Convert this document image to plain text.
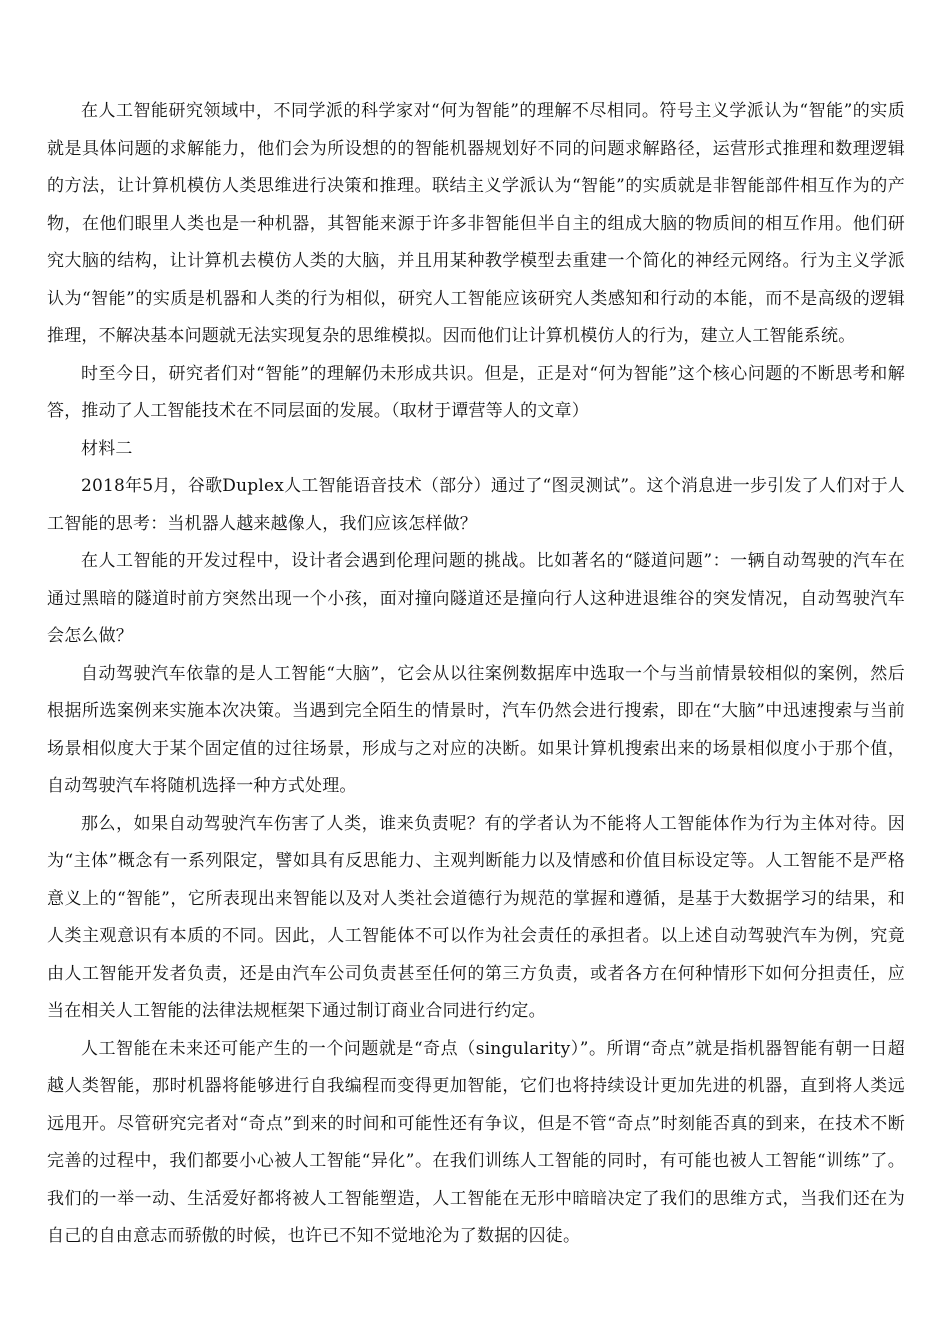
在人工智能研究领域中，不同学派的科学家对“何为智能”的理解不尽相同。符号主义学派认为“智能”的实质就是具体问题的求解能力，他们会为所设想的的智能机器规划好不同的问题求解路径，运营形式推理和数理逻辑的方法，让计算机模仿人类思维进行决策和推理。联结主义学派认为“智能”的实质就是非智能部件相互作为的产物，在他们眼里人类也是一种机器，其智能来源于许多非智能但半自主的组成大脑的物质间的相互作用。他们研究大脑的结构，让计算机去模仿人类的大脑，并且用某种教学模型去重建一个简化的神经元网络。行为主义学派认为“智能”的实质是机器和人类的行为相似，研究人工智能应该研究人类感知和行动的本能，而不是高级的逻辑推理，不解决基本问题就无法实现复杂的思维模拟。因而他们让计算机模仿人的行为，建立人工智能系统。

时至今日，研究者们对“智能”的理解仍未形成共识。但是，正是对“何为智能”这个核心问题的不断思考和解答，推动了人工智能技术在不同层面的发展。（取材于谭营等人的文章）

材料二

2018年5月，谷歌Duplex人工智能语音技术（部分）通过了“图灵测试”。这个消息进一步引发了人们对于人工智能的思考：当机器人越来越像人，我们应该怎样做？

在人工智能的开发过程中，设计者会遇到伦理问题的挑战。比如著名的“隧道问题”：一辆自动驾驶的汽车在通过黑暗的隧道时前方突然出现一个小孩，面对撞向隧道还是撞向行人这种进退维谷的突发情况，自动驾驶汽车会怎么做？

自动驾驶汽车依靠的是人工智能“大脑”，它会从以往案例数据库中选取一个与当前情景较相似的案例，然后根据所选案例来实施本次决策。当遇到完全陌生的情景时，汽车仍然会进行搜索，即在“大脑”中迅速搜索与当前场景相似度大于某个固定值的过往场景，形成与之对应的决断。如果计算机搜索出来的场景相似度小于那个值，自动驾驶汽车将随机选择一种方式处理。

那么，如果自动驾驶汽车伤害了人类，谁来负责呢？有的学者认为不能将人工智能体作为行为主体对待。因为“主体”概念有一系列限定，譬如具有反思能力、主观判断能力以及情感和价值目标设定等。人工智能不是严格意义上的“智能”，它所表现出来智能以及对人类社会道德行为规范的掌握和遵循，是基于大数据学习的结果，和人类主观意识有本质的不同。因此，人工智能体不可以作为社会责任的承担者。以上述自动驾驶汽车为例，究竟由人工智能开发者负责，还是由汽车公司负责甚至任何的第三方负责，或者各方在何种情形下如何分担责任，应当在相关人工智能的法律法规框架下通过制订商业合同进行约定。

人工智能在未来还可能产生的一个问题就是“奇点（singularity）”。所谓“奇点”就是指机器智能有朝一日超越人类智能，那时机器将能够进行自我编程而变得更加智能，它们也将持续设计更加先进的机器，直到将人类远远甩开。尽管研究完者对“奇点”到来的时间和可能性还有争议，但是不管“奇点”时刻能否真的到来，在技术不断完善的过程中，我们都要小心被人工智能“异化”。在我们训练人工智能的同时，有可能也被人工智能“训练”了。我们的一举一动、生活爱好都将被人工智能塑造，人工智能在无形中暗暗决定了我们的思维方式，当我们还在为自己的自由意志而骄傲的时候，也许已不知不觉地沦为了数据的囚徒。
